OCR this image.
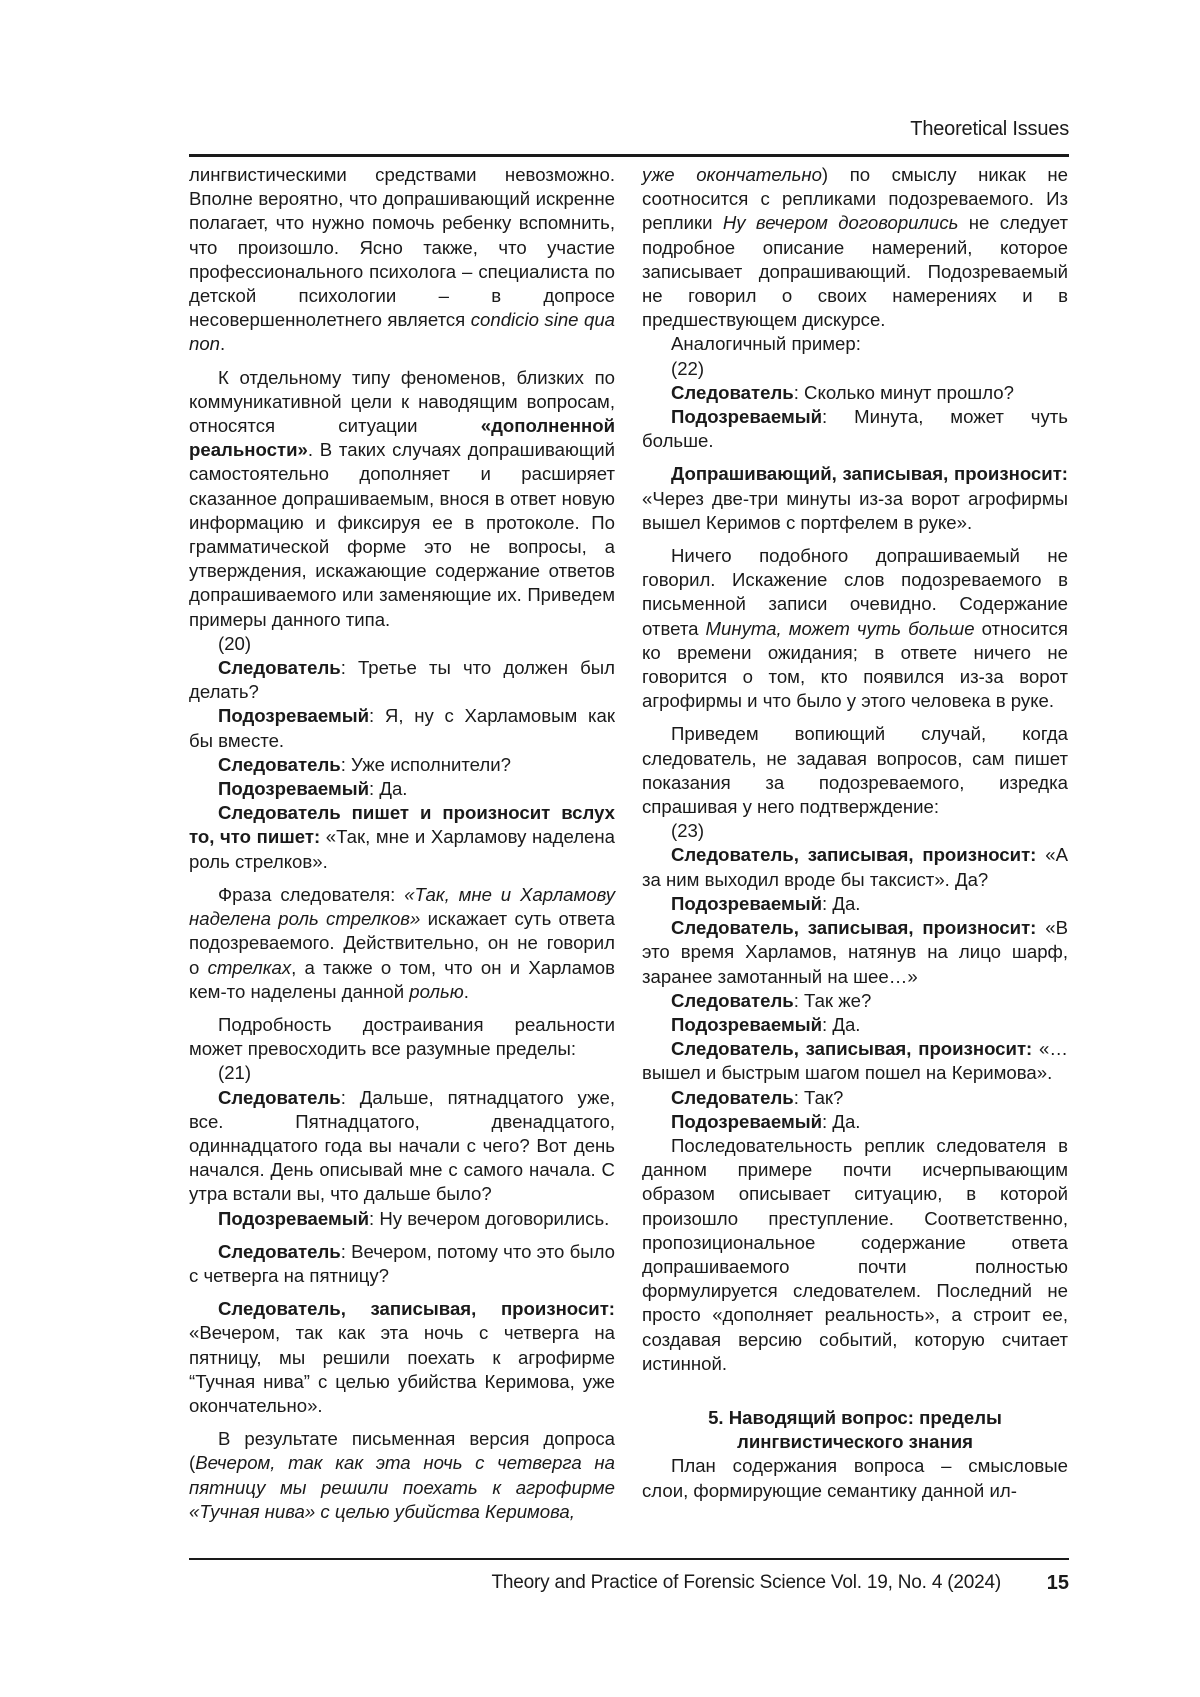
Theoretical Issues

лингвистическими средствами невозможно. Вполне вероятно, что допрашивающий искренне полагает, что нужно помочь ребенку вспомнить, что произошло. Ясно также, что участие профессионального психолога – специалиста по детской психологии – в допросе несовершеннолетнего является condicio sine qua non.

К отдельному типу феноменов, близких по коммуникативной цели к наводящим вопросам, относятся ситуации «дополненной реальности». В таких случаях допрашивающий самостоятельно дополняет и расширяет сказанное допрашиваемым, внося в ответ новую информацию и фиксируя ее в протоколе. По грамматической форме это не вопросы, а утверждения, искажающие содержание ответов допрашиваемого или заменяющие их. Приведем примеры данного типа.

(20)

Следователь: Третье ты что должен был делать?

Подозреваемый: Я, ну с Харламовым как бы вместе.

Следователь: Уже исполнители?

Подозреваемый: Да.

Следователь пишет и произносит вслух то, что пишет: «Так, мне и Харламову наделена роль стрелков».

Фраза следователя: «Так, мне и Харламову наделена роль стрелков» искажает суть ответа подозреваемого. Действительно, он не говорил о стрелках, а также о том, что он и Харламов кем-то наделены данной ролью.

Подробность достраивания реальности может превосходить все разумные пределы:

(21)

Следователь: Дальше, пятнадцатого уже, все. Пятнадцатого, двенадцатого, одиннадцатого года вы начали с чего? Вот день начался. День описывай мне с самого начала. С утра встали вы, что дальше было?

Подозреваемый: Ну вечером договорились.

Следователь: Вечером, потому что это было с четверга на пятницу?

Следователь, записывая, произносит: «Вечером, так как эта ночь с четверга на пятницу, мы решили поехать к агрофирме “Тучная нива” с целью убийства Керимова, уже окончательно».

В результате письменная версия допроса (Вечером, так как эта ночь с четверга на пятницу мы решили поехать к агрофирме «Тучная нива» с целью убийства Керимова,

уже окончательно) по смыслу никак не соотносится с репликами подозреваемого. Из реплики Ну вечером договорились не следует подробное описание намерений, которое записывает допрашивающий. Подозреваемый не говорил о своих намерениях и в предшествующем дискурсе.

Аналогичный пример:

(22)

Следователь: Сколько минут прошло?

Подозреваемый: Минута, может чуть больше.

Допрашивающий, записывая, произносит: «Через две-три минуты из-за ворот агрофирмы вышел Керимов с портфелем в руке».

Ничего подобного допрашиваемый не говорил. Искажение слов подозреваемого в письменной записи очевидно. Содержание ответа Минута, может чуть больше относится ко времени ожидания; в ответе ничего не говорится о том, кто появился из-за ворот агрофирмы и что было у этого человека в руке.

Приведем вопиющий случай, когда следователь, не задавая вопросов, сам пишет показания за подозреваемого, изредка спрашивая у него подтверждение:

(23)

Следователь, записывая, произносит: «А за ним выходил вроде бы таксист». Да?

Подозреваемый: Да.

Следователь, записывая, произносит: «В это время Харламов, натянув на лицо шарф, заранее замотанный на шее…»

Следователь: Так же?

Подозреваемый: Да.

Следователь, записывая, произносит: «…вышел и быстрым шагом пошел на Керимова».

Следователь: Так?

Подозреваемый: Да.

Последовательность реплик следователя в данном примере почти исчерпывающим образом описывает ситуацию, в которой произошло преступление. Соответственно, пропозициональное содержание ответа допрашиваемого почти полностью формулируется следователем. Последний не просто «дополняет реальность», а строит ее, создавая версию событий, которую считает истинной.

5. Наводящий вопрос: пределы лингвистического знания

План содержания вопроса – смысловые слои, формирующие семантику данной ил-

Theory and Practice of Forensic Science Vol. 19, No. 4 (2024) 15
